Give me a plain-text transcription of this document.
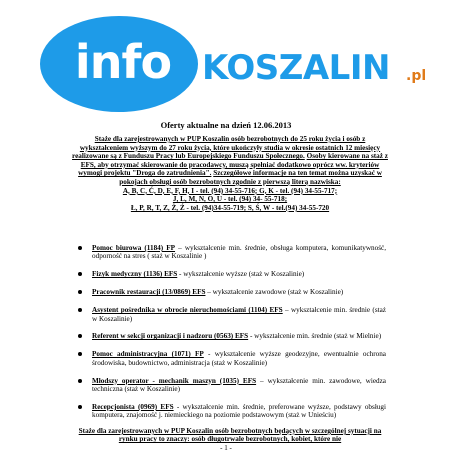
info KOSZALIN .pl
Oferty aktualne na dzień 12.06.2013
Staże dla zarejestrowanych w PUP Koszalin osób bezrobotnych do 25 roku życia i osób z wykształceniem wyższym do 27 roku życia, które ukończyły studia w okresie ostatnich 12 miesięcy realizowane są z Funduszu Pracy lub Europejskiego Funduszu Społecznego. Osoby kierowane na staż z EFS, aby otrzymać skierowanie do pracodawcy, muszą spełniać dodatkowo oprócz ww. kryteriów wymogi projektu "Droga do zatrudnienia". Szczegółowe informacje na ten temat można uzyskać w pokojach obsługi osób bezrobotnych zgodnie z pierwszą literą nazwiska:
A, B, C, Ć, D, E, F, H, I - tel. (94) 34-55-716; G, K - tel. (94) 34-55-717;
J, L, M, N, O, U - tel. (94) 34- 55-718;
Ł, P, R, T, Z, Ż, Ź - tel. (94)34-55-719; S, Ś, W - tel.(94) 34-55-720
Pomoc biurowa (1184) FP – wykształcenie min. średnie, obsługa komputera, komunikatywność, odporność na stres ( staż w Koszalinie )
Fizyk medyczny (1136) EFS - wykształcenie wyższe (staż w Koszalinie)
Pracownik restauracji (13/0869) EFS – wykształcenie zawodowe (staż w Koszalinie)
Asystent pośrednika w obrocie nieruchomościami (1104) EFS – wykształcenie min. średnie (staż w Koszalinie)
Referent w sekcji organizacji i nadzoru (0563) EFS - wykształcenie min. średnie (staż w Mielnie)
Pomoc administracyjna (1071) FP - wykształcenie wyższe geodezyjne, ewentualnie ochrona środowiska, budownictwo, administracja (staż w Koszalinie)
Młodszy operator - mechanik maszyn (1035) EFS – wykształcenie min. zawodowe, wiedza techniczna (staż w Koszalinie)
Recepcjonista (0969) EFS - wykształcenie min. średnie, preferowane wyższe, podstawy obsługi komputera, znajomość j. niemieckiego na poziomie podstawowym (staż w Unieściu)
Staże dla zarejestrowanych w PUP Koszalin osób bezrobotnych będących w szczególnej sytuacji na rynku pracy to znaczy: osób długotrwale bezrobotnych, kobiet, które nie
- 1 -
